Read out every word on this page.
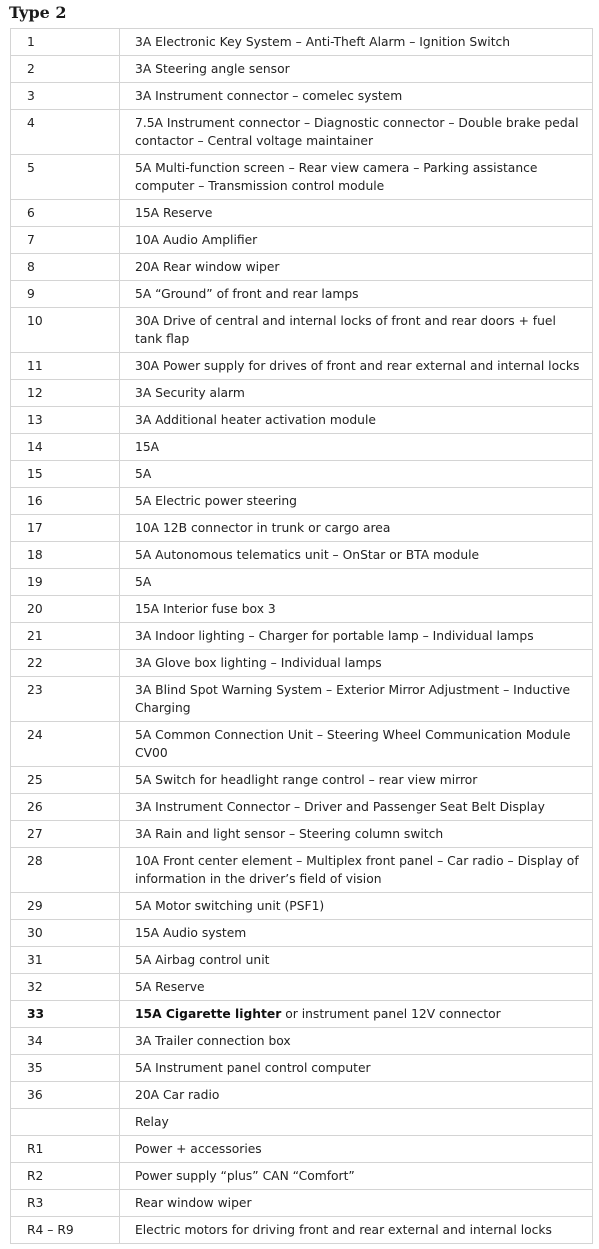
Type 2
1	3A Electronic Key System – Anti-Theft Alarm – Ignition Switch
2	3A Steering angle sensor
3	3A Instrument connector – comelec system
4	7.5A Instrument connector – Diagnostic connector – Double brake pedal contactor – Central voltage maintainer
5	5A Multi-function screen – Rear view camera – Parking assistance computer – Transmission control module
6	15A Reserve
7	10A Audio Amplifier
8	20A Rear window wiper
9	5A “Ground” of front and rear lamps
10	30A Drive of central and internal locks of front and rear doors + fuel tank flap
11	30A Power supply for drives of front and rear external and internal locks
12	3A Security alarm
13	3A Additional heater activation module
14	15A
15	5A
16	5A Electric power steering
17	10A 12B connector in trunk or cargo area
18	5A Autonomous telematics unit – OnStar or BTA module
19	5A
20	15A Interior fuse box 3
21	3A Indoor lighting – Charger for portable lamp – Individual lamps
22	3A Glove box lighting – Individual lamps
23	3A Blind Spot Warning System – Exterior Mirror Adjustment – Inductive Charging
24	5A Common Connection Unit – Steering Wheel Communication Module CV00
25	5A Switch for headlight range control – rear view mirror
26	3A Instrument Connector – Driver and Passenger Seat Belt Display
27	3A Rain and light sensor – Steering column switch
28	10A Front center element – Multiplex front panel – Car radio – Display of information in the driver’s field of vision
29	5A Motor switching unit (PSF1)
30	15A Audio system
31	5A Airbag control unit
32	5A Reserve
33	15A Cigarette lighter or instrument panel 12V connector
34	3A Trailer connection box
35	5A Instrument panel control computer
36	20A Car radio
	Relay
R1	Power + accessories
R2	Power supply “plus” CAN “Comfort”
R3	Rear window wiper
R4 – R9	Electric motors for driving front and rear external and internal locks
